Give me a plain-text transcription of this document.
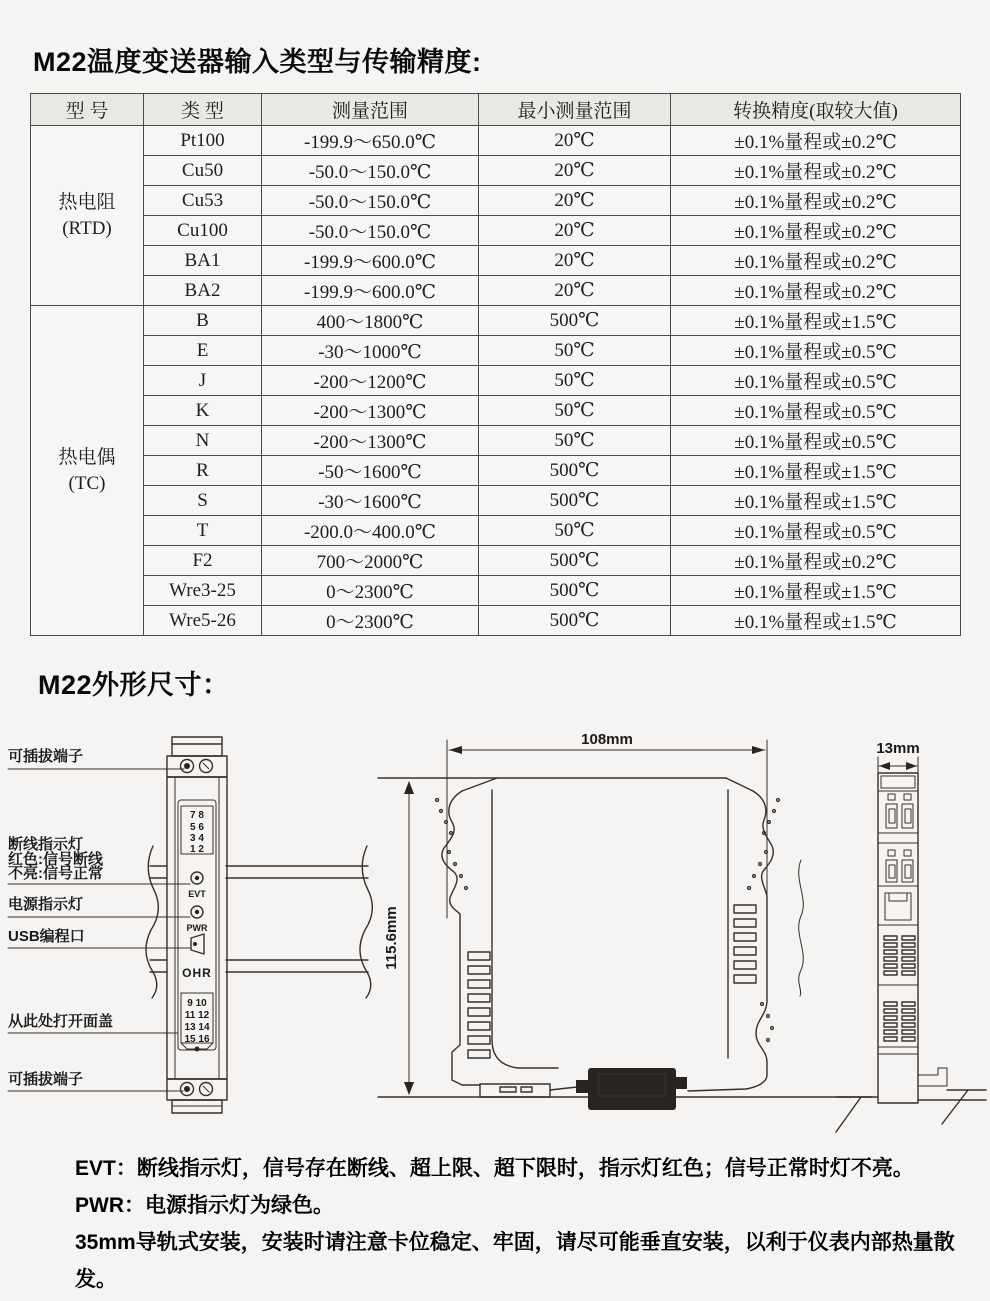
M22温度变送器输入类型与传输精度:
型 号	类 型	测量范围	最小测量范围	转换精度(取较大值)

热电阻
(RTD)	Pt100	-199.9～650.0℃	20℃	±0.1%量程或±0.2℃
	Cu50	-50.0～150.0℃	20℃	±0.1%量程或±0.2℃
	Cu53	-50.0～150.0℃	20℃	±0.1%量程或±0.2℃
	Cu100	-50.0～150.0℃	20℃	±0.1%量程或±0.2℃
	BA1	-199.9～600.0℃	20℃	±0.1%量程或±0.2℃
	BA2	-199.9～600.0℃	20℃	±0.1%量程或±0.2℃

热电偶
(TC)	B	400～1800℃	500℃	±0.1%量程或±1.5℃
	E	-30～1000℃	50℃	±0.1%量程或±0.5℃
	J	-200～1200℃	50℃	±0.1%量程或±0.5℃
	K	-200～1300℃	50℃	±0.1%量程或±0.5℃
	N	-200～1300℃	50℃	±0.1%量程或±0.5℃
	R	-50～1600℃	500℃	±0.1%量程或±1.5℃
	S	-30～1600℃	500℃	±0.1%量程或±1.5℃
	T	-200.0～400.0℃	50℃	±0.1%量程或±0.5℃
	F2	700～2000℃	500℃	±0.1%量程或±0.2℃
	Wre3-25	0～2300℃	500℃	±0.1%量程或±1.5℃
	Wre5-26	0～2300℃	500℃	±0.1%量程或±1.5℃
M22外形尺寸：
7 8
5 6
3 4
1 2
EVT
PWR
OHR
9 10
11 12
13 14
15 16
可插拔端子
断线指示灯
红色:信号断线
不亮:信号正常
电源指示灯
USB编程口
从此处打开面盖
可插拔端子
108mm
115.6mm
13mm

EVT：断线指示灯，信号存在断线、超上限、超下限时，指示灯红色；信号正常时灯不亮。

PWR：电源指示灯为绿色。

35mm导轨式安装，安装时请注意卡位稳定、牢固，请尽可能垂直安装，以利于仪表内部热量散发。
